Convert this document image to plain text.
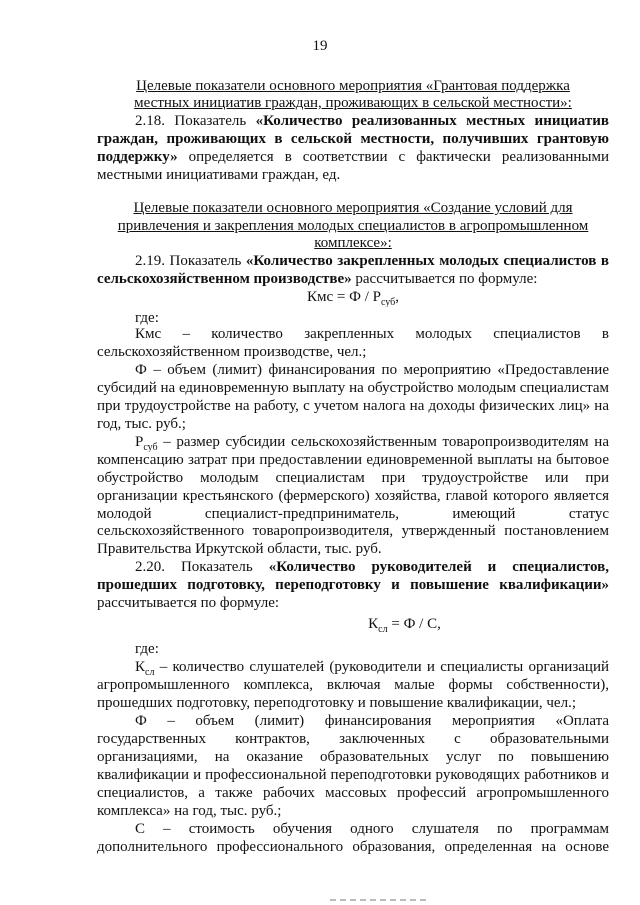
19
Целевые показатели основного мероприятия «Грантовая поддержка
местных инициатив граждан, проживающих в сельской местности»:
2.18. Показатель «Количество реализованных местных инициатив
граждан, проживающих в сельской местности, получивших грантовую
поддержку» определяется в соответствии с фактически реализованными
местными инициативами граждан, ед.
Целевые показатели основного мероприятия «Создание условий для
привлечения и закрепления молодых специалистов в агропромышленном
комплексе»:
2.19. Показатель «Количество закрепленных молодых специалистов в
сельскохозяйственном производстве» рассчитывается по формуле:
Кмс = Ф / $Р_{суб}$,
где:
Кмс – количество закрепленных молодых специалистов в
сельскохозяйственном производстве, чел.;
Ф – объем (лимит) финансирования по мероприятию «Предоставление
субсидий на единовременную выплату на обустройство молодым специалистам
при трудоустройстве на работу, с учетом налога на доходы физических лиц» на
год, тыс. руб.;
$Р_{суб}$ – размер субсидии сельскохозяйственным товаропроизводителям на
компенсацию затрат при предоставлении единовременной выплаты на бытовое
обустройство молодым специалистам при трудоустройстве или при
организации крестьянского (фермерского) хозяйства, главой которого является
молодой специалист-предприниматель, имеющий статус
сельскохозяйственного товаропроизводителя, утвержденный постановлением
Правительства Иркутской области, тыс. руб.
2.20. Показатель «Количество руководителей и специалистов,
прошедших подготовку, переподготовку и повышение квалификации»
рассчитывается по формуле:
$К_{сл} = Ф / С$,
где:
$К_{сл}$ – количество слушателей (руководители и специалисты организаций
агропромышленного комплекса, включая малые формы собственности),
прошедших подготовку, переподготовку и повышение квалификации, чел.;
Ф – объем (лимит) финансирования мероприятия «Оплата
государственных контрактов, заключенных с образовательными
организациями, на оказание образовательных услуг по повышению
квалификации и профессиональной переподготовки руководящих работников и
специалистов, а также рабочих массовых профессий агропромышленного
комплекса» на год, тыс. руб.;
С – стоимость обучения одного слушателя по программам
дополнительного профессионального образования, определенная на основе
